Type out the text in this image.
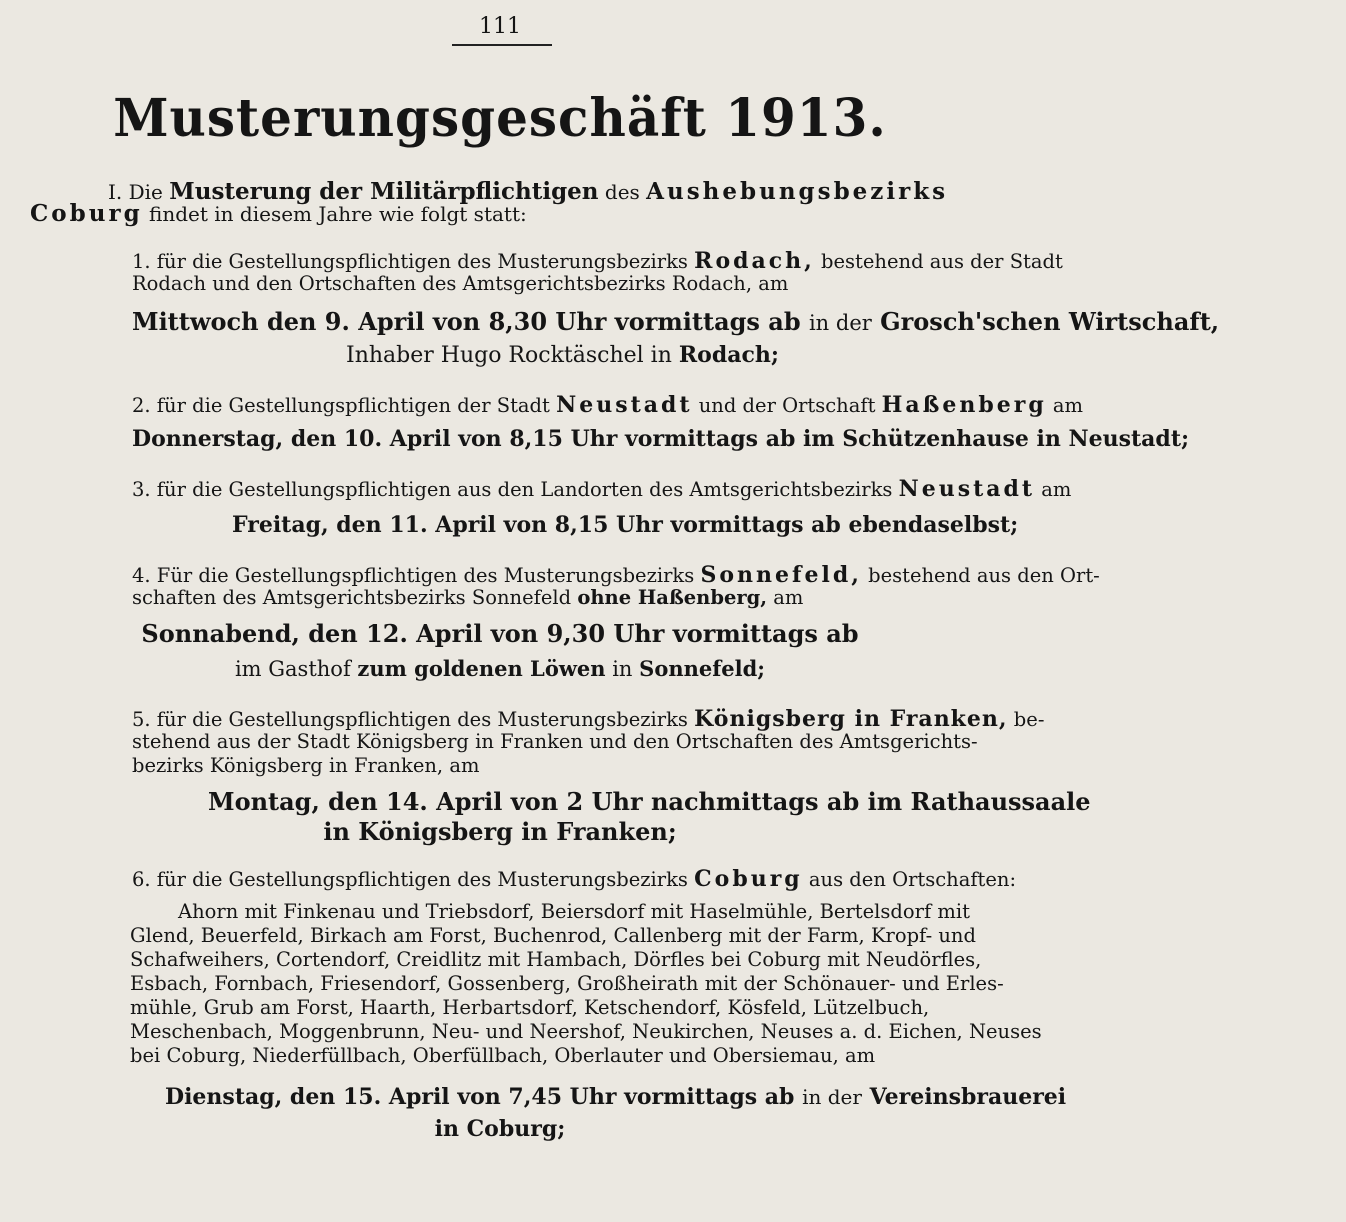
111
Musterungsgeschäft 1913.
I. Die Musterung der Militärpflichtigen des Aushebungsbezirks
Coburg findet in diesem Jahre wie folgt statt:
1. für die Gestellungspflichtigen des Musterungsbezirks Rodach, bestehend aus der Stadt
Rodach und den Ortschaften des Amtsgerichtsbezirks Rodach, am
Mittwoch den 9. April von 8,30 Uhr vormittags ab in der Grosch'schen Wirtschaft,
Inhaber Hugo Rocktäschel in Rodach;
2. für die Gestellungspflichtigen der Stadt Neustadt und der Ortschaft Haßenberg am
Donnerstag, den 10. April von 8,15 Uhr vormittags ab im Schützenhause in Neustadt;
3. für die Gestellungspflichtigen aus den Landorten des Amtsgerichtsbezirks Neustadt am
Freitag, den 11. April von 8,15 Uhr vormittags ab ebendaselbst;
4. Für die Gestellungspflichtigen des Musterungsbezirks Sonnefeld, bestehend aus den Ort-
schaften des Amtsgerichtsbezirks Sonnefeld ohne Haßenberg, am
Sonnabend, den 12. April von 9,30 Uhr vormittags ab
im Gasthof zum goldenen Löwen in Sonnefeld;
5. für die Gestellungspflichtigen des Musterungsbezirks Königsberg in Franken, be-
stehend aus der Stadt Königsberg in Franken und den Ortschaften des Amtsgerichts-
bezirks Königsberg in Franken, am
Montag, den 14. April von 2 Uhr nachmittags ab im Rathaussaale
in Königsberg in Franken;
6. für die Gestellungspflichtigen des Musterungsbezirks Coburg aus den Ortschaften:
Ahorn mit Finkenau und Triebsdorf, Beiersdorf mit Haselmühle, Bertelsdorf mit
Glend, Beuerfeld, Birkach am Forst, Buchenrod, Callenberg mit der Farm, Kropf- und
Schafweihers, Cortendorf, Creidlitz mit Hambach, Dörfles bei Coburg mit Neudörfles,
Esbach, Fornbach, Friesendorf, Gossenberg, Großheirath mit der Schönauer- und Erles-
mühle, Grub am Forst, Haarth, Herbartsdorf, Ketschendorf, Kösfeld, Lützelbuch,
Meschenbach, Moggenbrunn, Neu- und Neershof, Neukirchen, Neuses a. d. Eichen, Neuses
bei Coburg, Niederfüllbach, Oberfüllbach, Oberlauter und Obersiemau, am
Dienstag, den 15. April von 7,45 Uhr vormittags ab in der Vereinsbrauerei
in Coburg;
